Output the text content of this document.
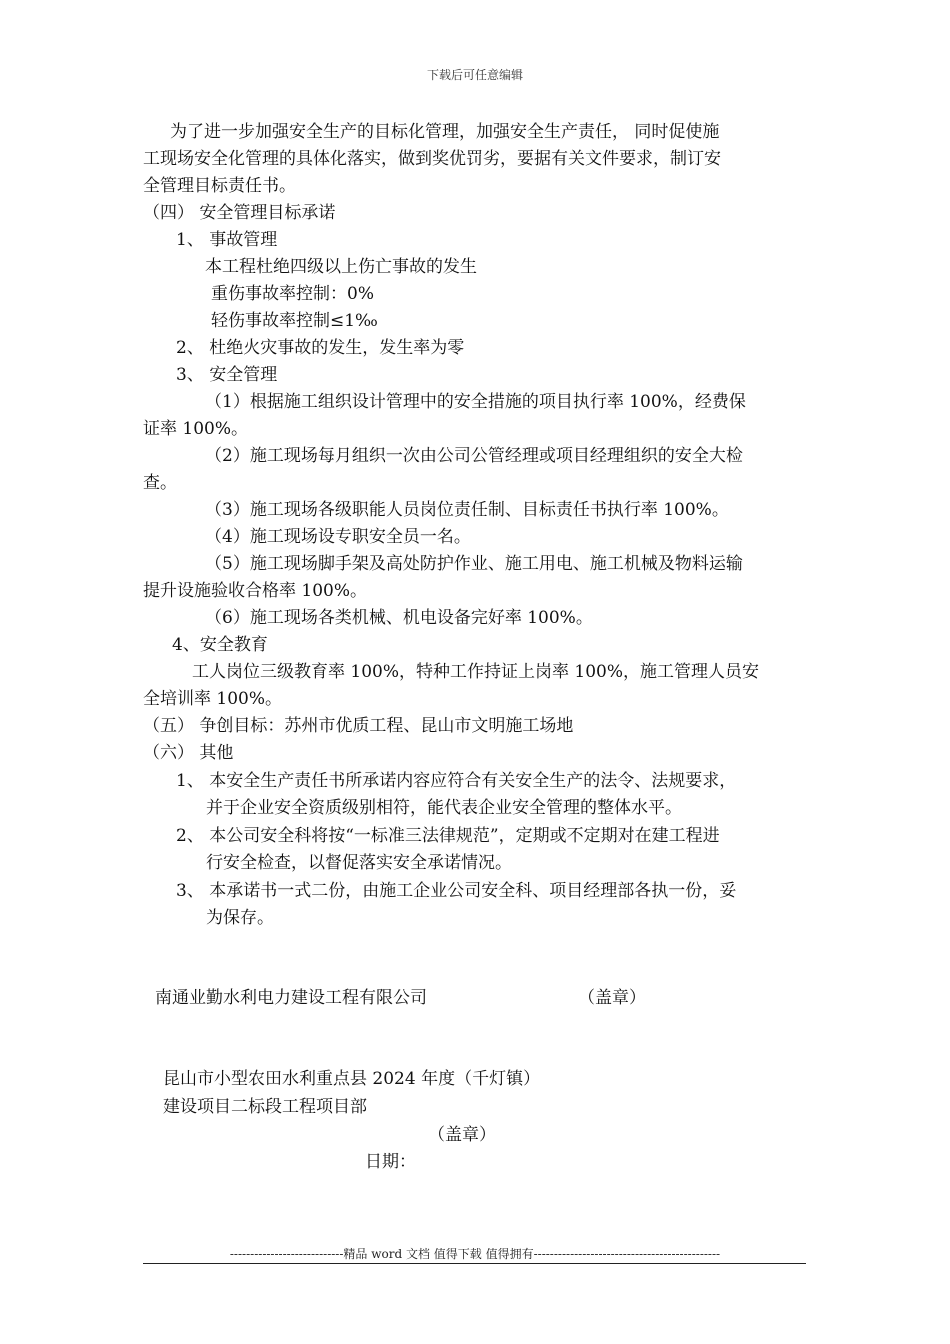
下载后可任意编辑
为了进一步加强安全生产的目标化管理，加强安全生产责任， 同时促使施
工现场安全化管理的具体化落实，做到奖优罚劣，要据有关文件要求，制订安
全管理目标责任书。
（四） 安全管理目标承诺
1、 事故管理
本工程杜绝四级以上伤亡事故的发生
重伤事故率控制：0%
轻伤事故率控制≤1‰
2、 杜绝火灾事故的发生，发生率为零
3、 安全管理
（1）根据施工组织设计管理中的安全措施的项目执行率 100%，经费保
证率 100%。
（2）施工现场每月组织一次由公司公管经理或项目经理组织的安全大检
查。
（3）施工现场各级职能人员岗位责任制、目标责任书执行率 100%。
（4）施工现场设专职安全员一名。
（5）施工现场脚手架及高处防护作业、施工用电、施工机械及物料运输
提升设施验收合格率 100%。
（6）施工现场各类机械、机电设备完好率 100%。
4、安全教育
工人岗位三级教育率 100%，特种工作持证上岗率 100%，施工管理人员安
全培训率 100%。
（五） 争创目标：苏州市优质工程、昆山市文明施工场地
（六） 其他
1、 本安全生产责任书所承诺内容应符合有关安全生产的法令、法规要求，
并于企业安全资质级别相符，能代表企业安全管理的整体水平。
2、 本公司安全科将按“一标准三法律规范”，定期或不定期对在建工程进
行安全检查，以督促落实安全承诺情况。
3、 本承诺书一式二份，由施工企业公司安全科、项目经理部各执一份，妥
为保存。
南通业勤水利电力建设工程有限公司	（盖章）
昆山市小型农田水利重点县 2024 年度（千灯镇）
建设项目二标段工程项目部
（盖章）
日期：
----------------------------精品 word 文档 值得下载 值得拥有----------------------------------------------
